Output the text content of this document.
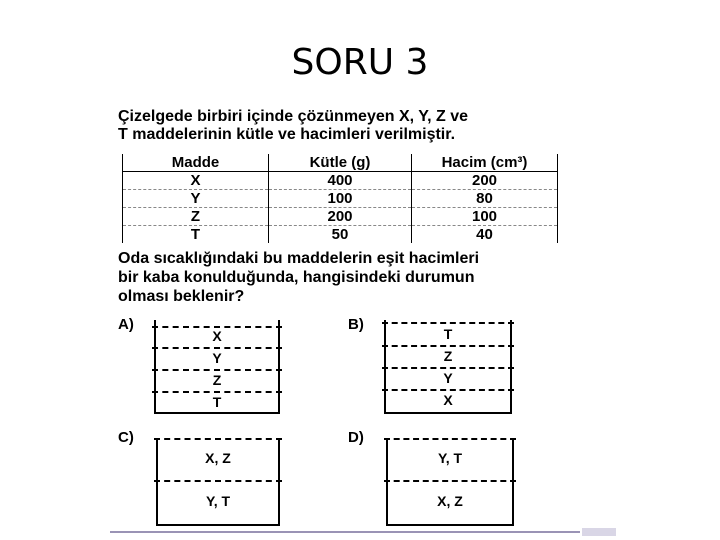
SORU 3
Çizelgede birbiri içinde çözünmeyen X, Y, Z ve
T maddelerinin kütle ve hacimleri verilmiştir.
Madde	Kütle (g)	Hacim (cm³)
X	400	200
Y	100	80
Z	200	100
T	50	40
Oda sıcaklığındaki bu maddelerin eşit hacimleri
bir kaba konulduğunda, hangisindeki durumun
olması beklenir?
A)
X
Y
Z
T
B)
T
Z
Y
X
C)
X, Z
Y, T
D)
Y, T
X, Z
